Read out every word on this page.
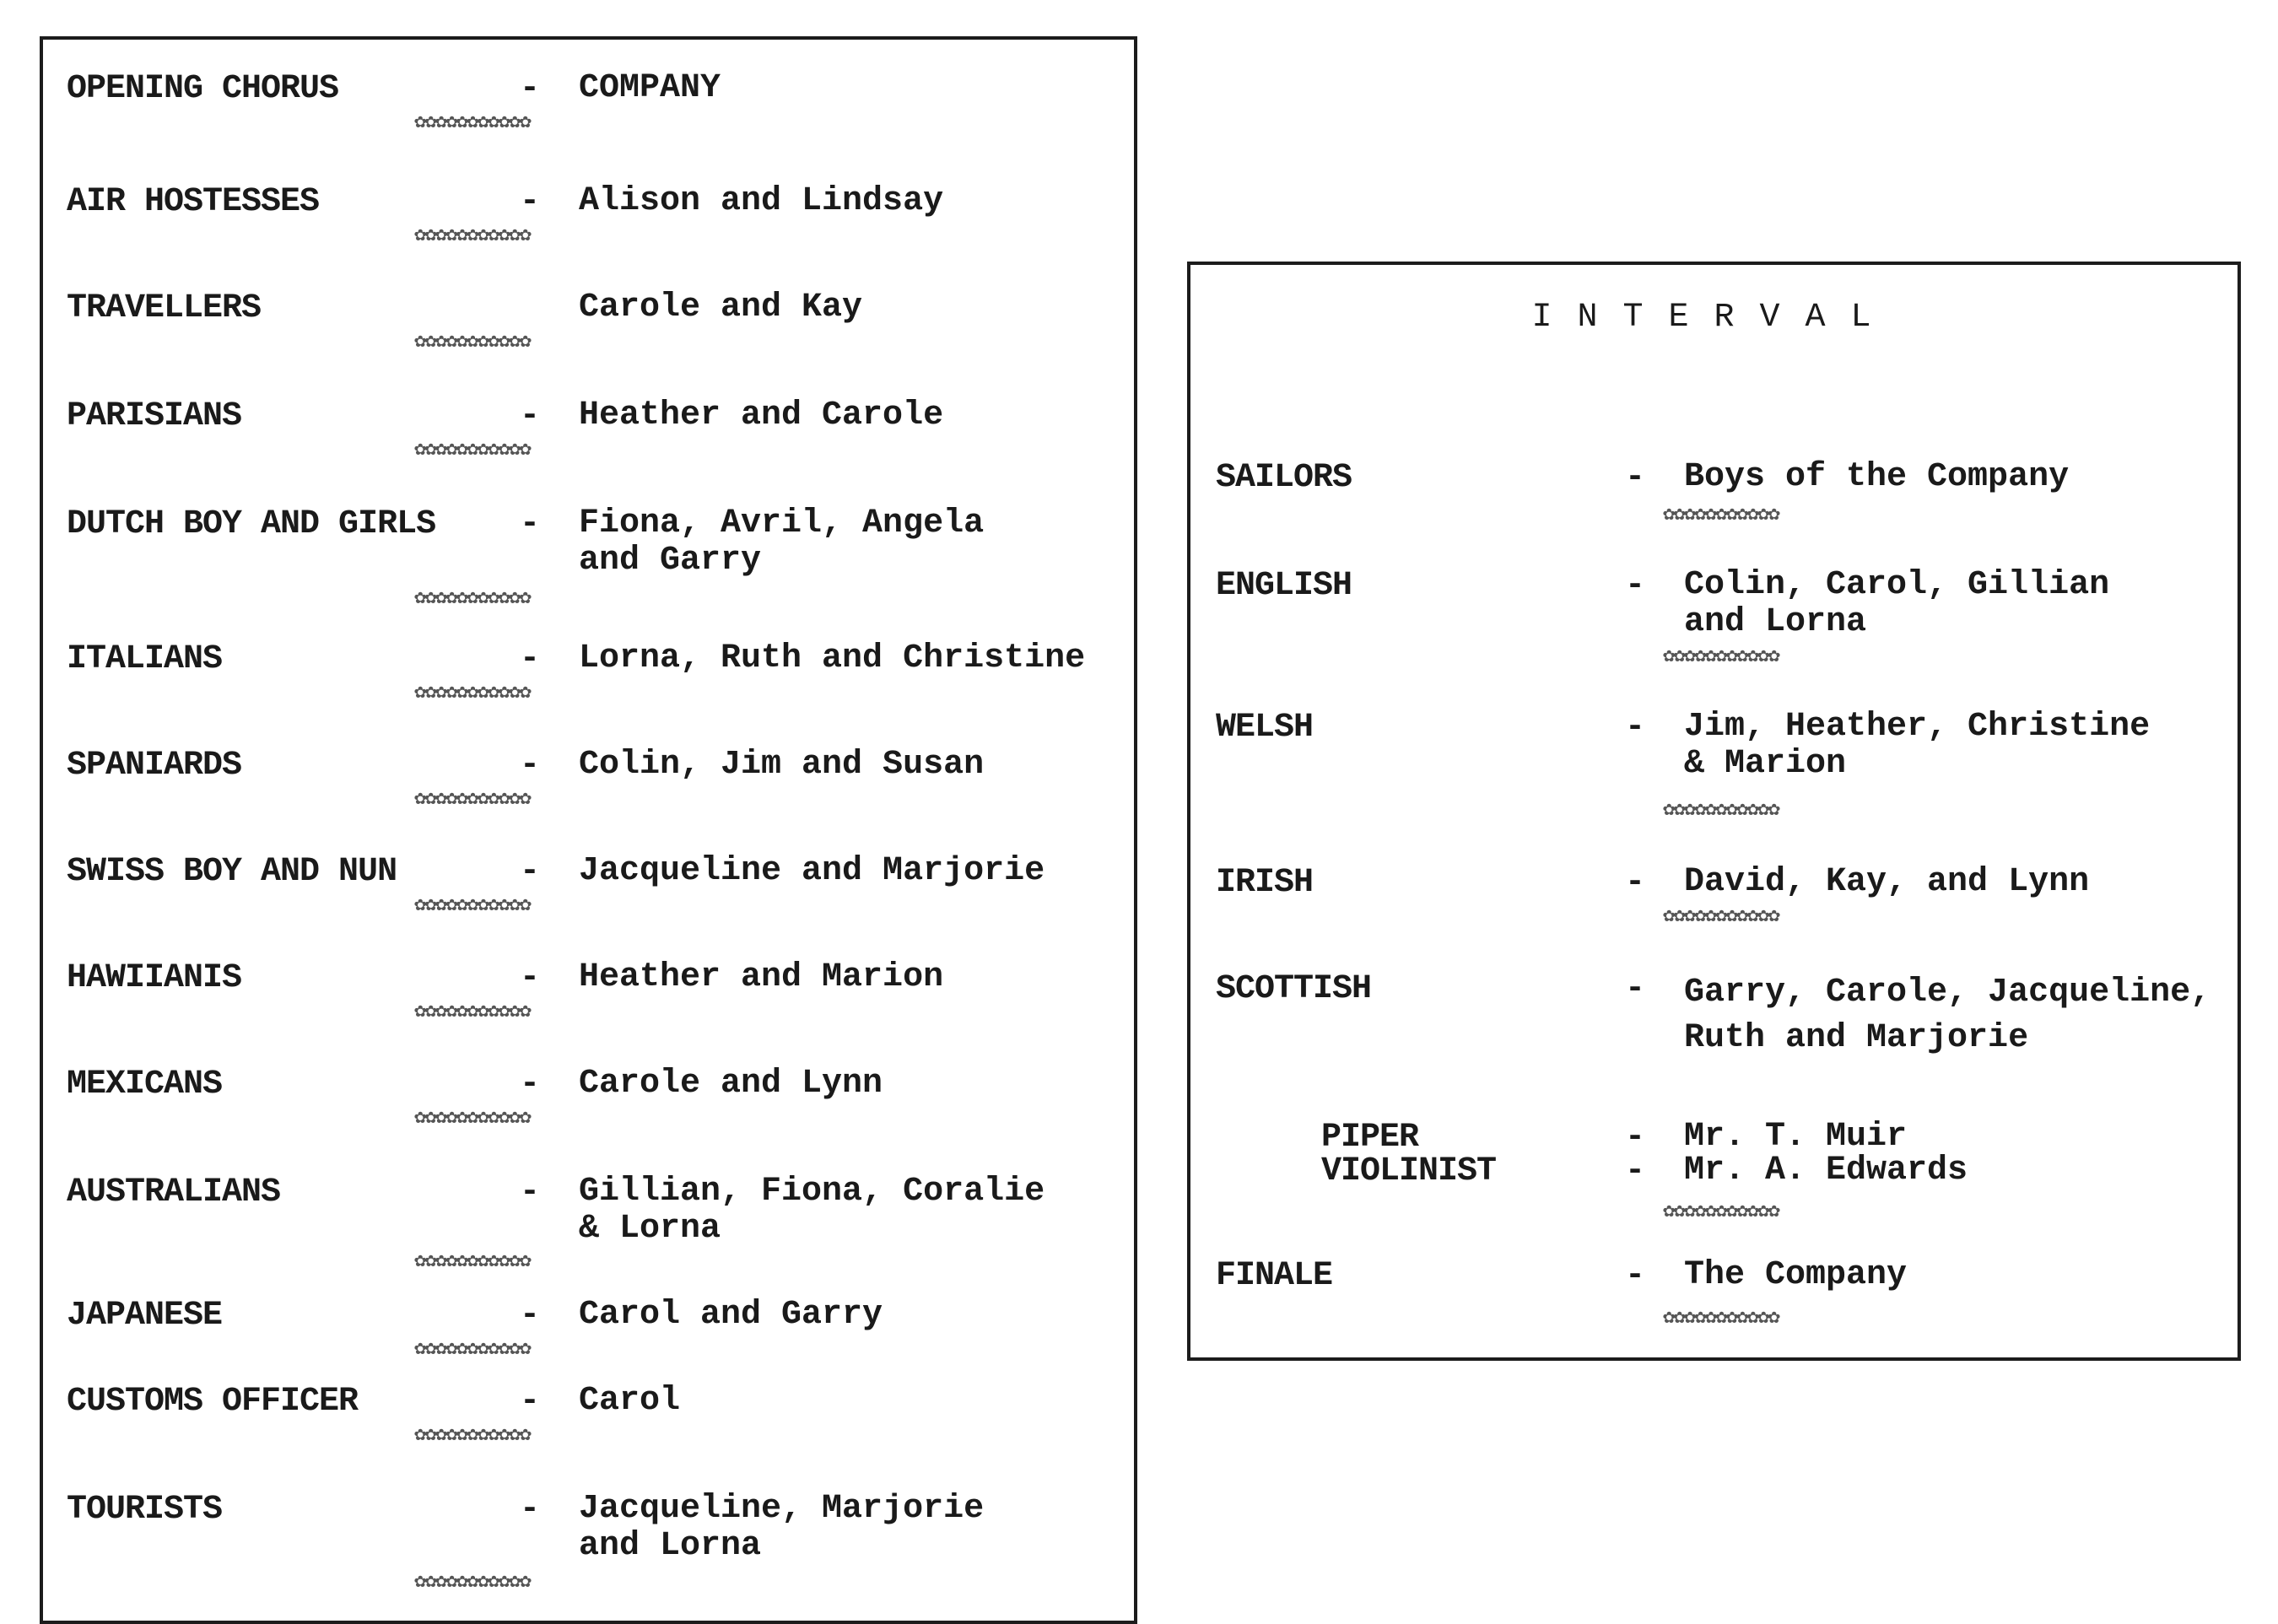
OPENING CHORUS	- COMPANY
✿✿✿✿✿✿✿✿✿✿✿
AIR HOSTESSES	- Alison and Lindsay
✿✿✿✿✿✿✿✿✿✿✿
TRAVELLERS	Carole and Kay
✿✿✿✿✿✿✿✿✿✿✿
PARISIANS	- Heather and Carole
✿✿✿✿✿✿✿✿✿✿✿
DUTCH BOY AND GIRLS - Fiona, Avril, Angela
and Garry
✿✿✿✿✿✿✿✿✿✿✿
ITALIANS	- Lorna, Ruth and Christine
✿✿✿✿✿✿✿✿✿✿✿
SPANIARDS	- Colin, Jim and Susan
✿✿✿✿✿✿✿✿✿✿✿
SWISS BOY AND NUN	- Jacqueline and Marjorie
✿✿✿✿✿✿✿✿✿✿✿
HAWIIANIS	- Heather and Marion
✿✿✿✿✿✿✿✿✿✿✿
MEXICANS	- Carole and Lynn
✿✿✿✿✿✿✿✿✿✿✿
AUSTRALIANS	- Gillian, Fiona, Coralie
& Lorna
✿✿✿✿✿✿✿✿✿✿✿
JAPANESE	- Carol and Garry
✿✿✿✿✿✿✿✿✿✿✿
CUSTOMS OFFICER	- Carol
✿✿✿✿✿✿✿✿✿✿✿
TOURISTS	- Jacqueline, Marjorie
and Lorna
✿✿✿✿✿✿✿✿✿✿✿
INTERVAL
SAILORS	- Boys of the Company
✿✿✿✿✿✿✿✿✿✿✿
ENGLISH	- Colin, Carol, Gillian
and Lorna
✿✿✿✿✿✿✿✿✿✿✿
WELSH	- Jim, Heather, Christine
& Marion
✿✿✿✿✿✿✿✿✿✿✿
IRISH	- David, Kay, and Lynn
✿✿✿✿✿✿✿✿✿✿✿
SCOTTISH	- Garry, Carole, Jacqueline,
Ruth and Marjorie
PIPER	- Mr. T. Muir
VIOLINIST	- Mr. A. Edwards
✿✿✿✿✿✿✿✿✿✿✿
FINALE	- The Company
✿✿✿✿✿✿✿✿✿✿✿
